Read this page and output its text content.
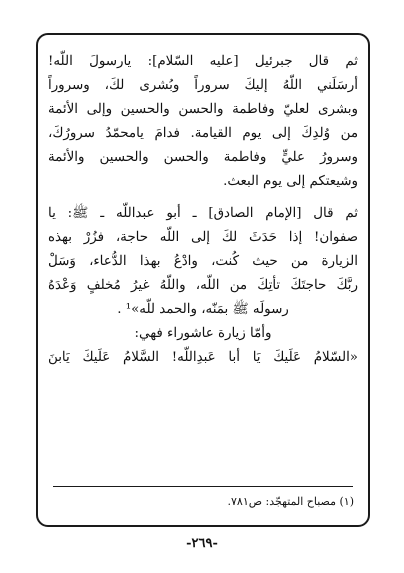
ثم قال جبرئيل [عليه السّلام]: يارسولَ اللّه!
أرسَلَني اللّهُ إليكَ سروراً وبُشرى لكَ، وسروراً
وبشرى لعليّ وفاطمة والحسن والحسين وإلى الأئمة
من وُلدِكَ إلى يوم القيامة. فدامَ يامحمّدُ سرورُكَ،
وسرورُ عليٍّ وفاطمة والحسن والحسين والأئمة
وشيعتكم إلى يوم البعث.
ثم قال [الإمام الصادق] ـ أبو عبداللّه ـ ﷺ: يا
صفوان! إذا حَدَثَ لكَ إلى اللّه حاجة، فزُرْ بهذه
الزيارة من حيث كُنت، وادْعُ بهذا الدُّعاء، وَسَلْ
ربَّكَ حاجتَكَ تأتِكَ من اللّه، واللّهُ غيرُ مُخلفٍ وَعْدَهُ
رسولَه ﷺ بمَنّه، والحمد للّه»¹ .
وأمّا زيارة عاشوراء فهي:
«السّلامُ عَلَيكَ يَا أبا عَبدِاللّه! السَّلامُ عَلَيكَ يَابنَ
(١) مصباح المتهجّد: ص٧٨١.
-٢٦٩-
